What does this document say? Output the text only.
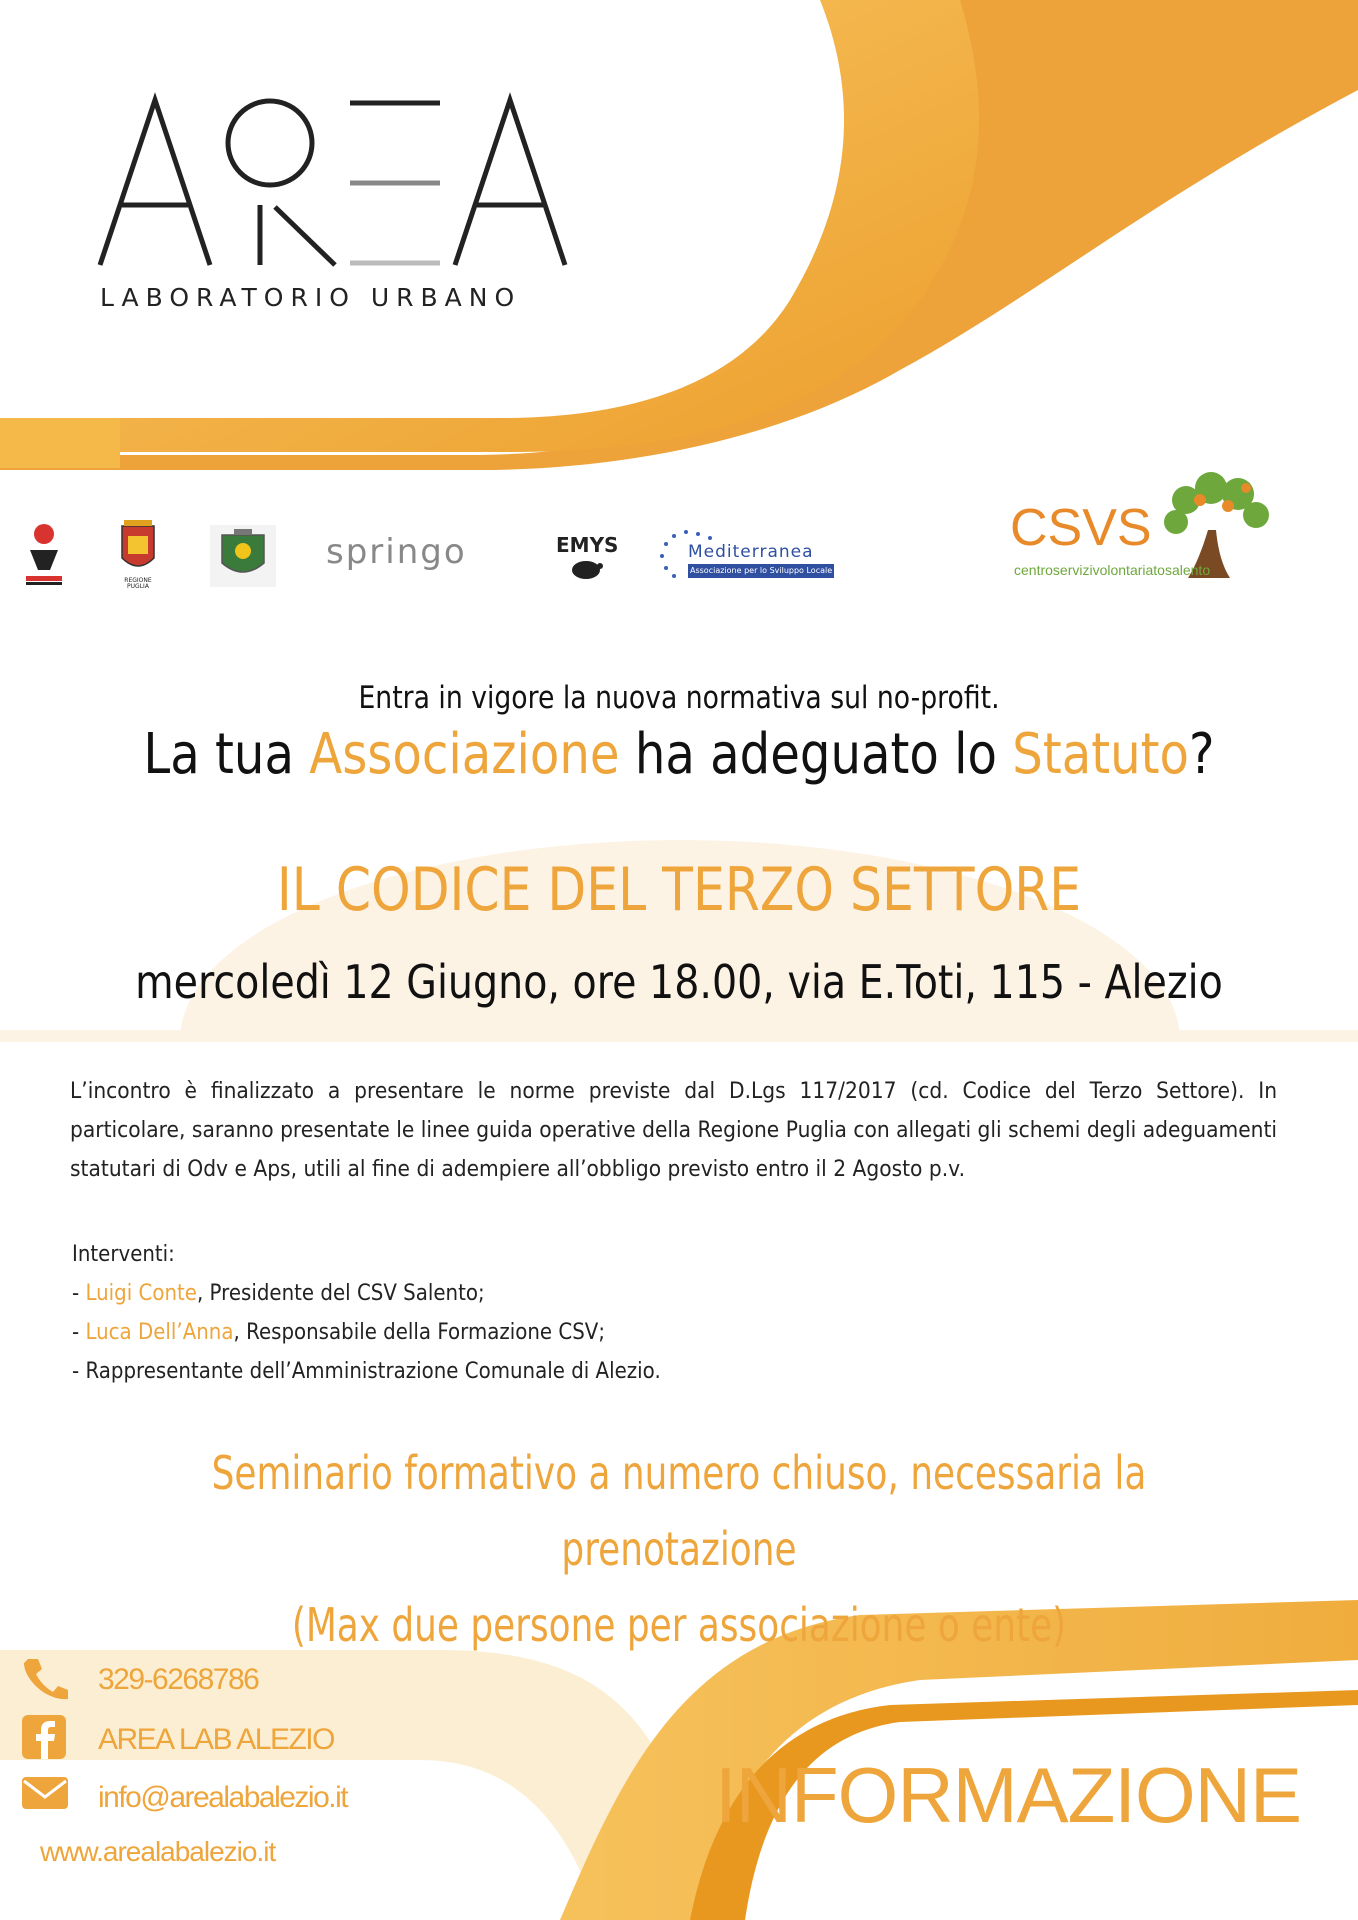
LABORATORIO URBANO
REGIONE
PUGLIA
springo	EMYS	Mediterranea
Associazione per lo Sviluppo Locale
CSVS
centroservizivolontariatosalento
Entra in vigore la nuova normativa sul no-profit.
La tua Associazione ha adeguato lo Statuto?
IL CODICE DEL TERZO SETTORE
mercoledì 12 Giugno, ore 18.00, via E.Toti, 115 - Alezio
L’incontro è finalizzato a presentare le norme previste dal D.Lgs 117/2017 (cd. Codice del Terzo Settore). In particolare, saranno presentate le linee guida operative della Regione Puglia con allegati gli schemi degli adeguamenti statutari di Odv e Aps, utili al fine di adempiere all’obbligo previsto entro il 2 Agosto p.v.
Interventi:
- Luigi Conte, Presidente del CSV Salento;
- Luca Dell’Anna, Responsabile della Formazione CSV;
- Rappresentante dell’Amministrazione Comunale di Alezio.
Seminario formativo a numero chiuso, necessaria la prenotazione
(Max due persone per associazione o ente)
329-6268786
AREA LAB ALEZIO
info@arealabalezio.it
www.arealabalezio.it
INFORMAZIONE
